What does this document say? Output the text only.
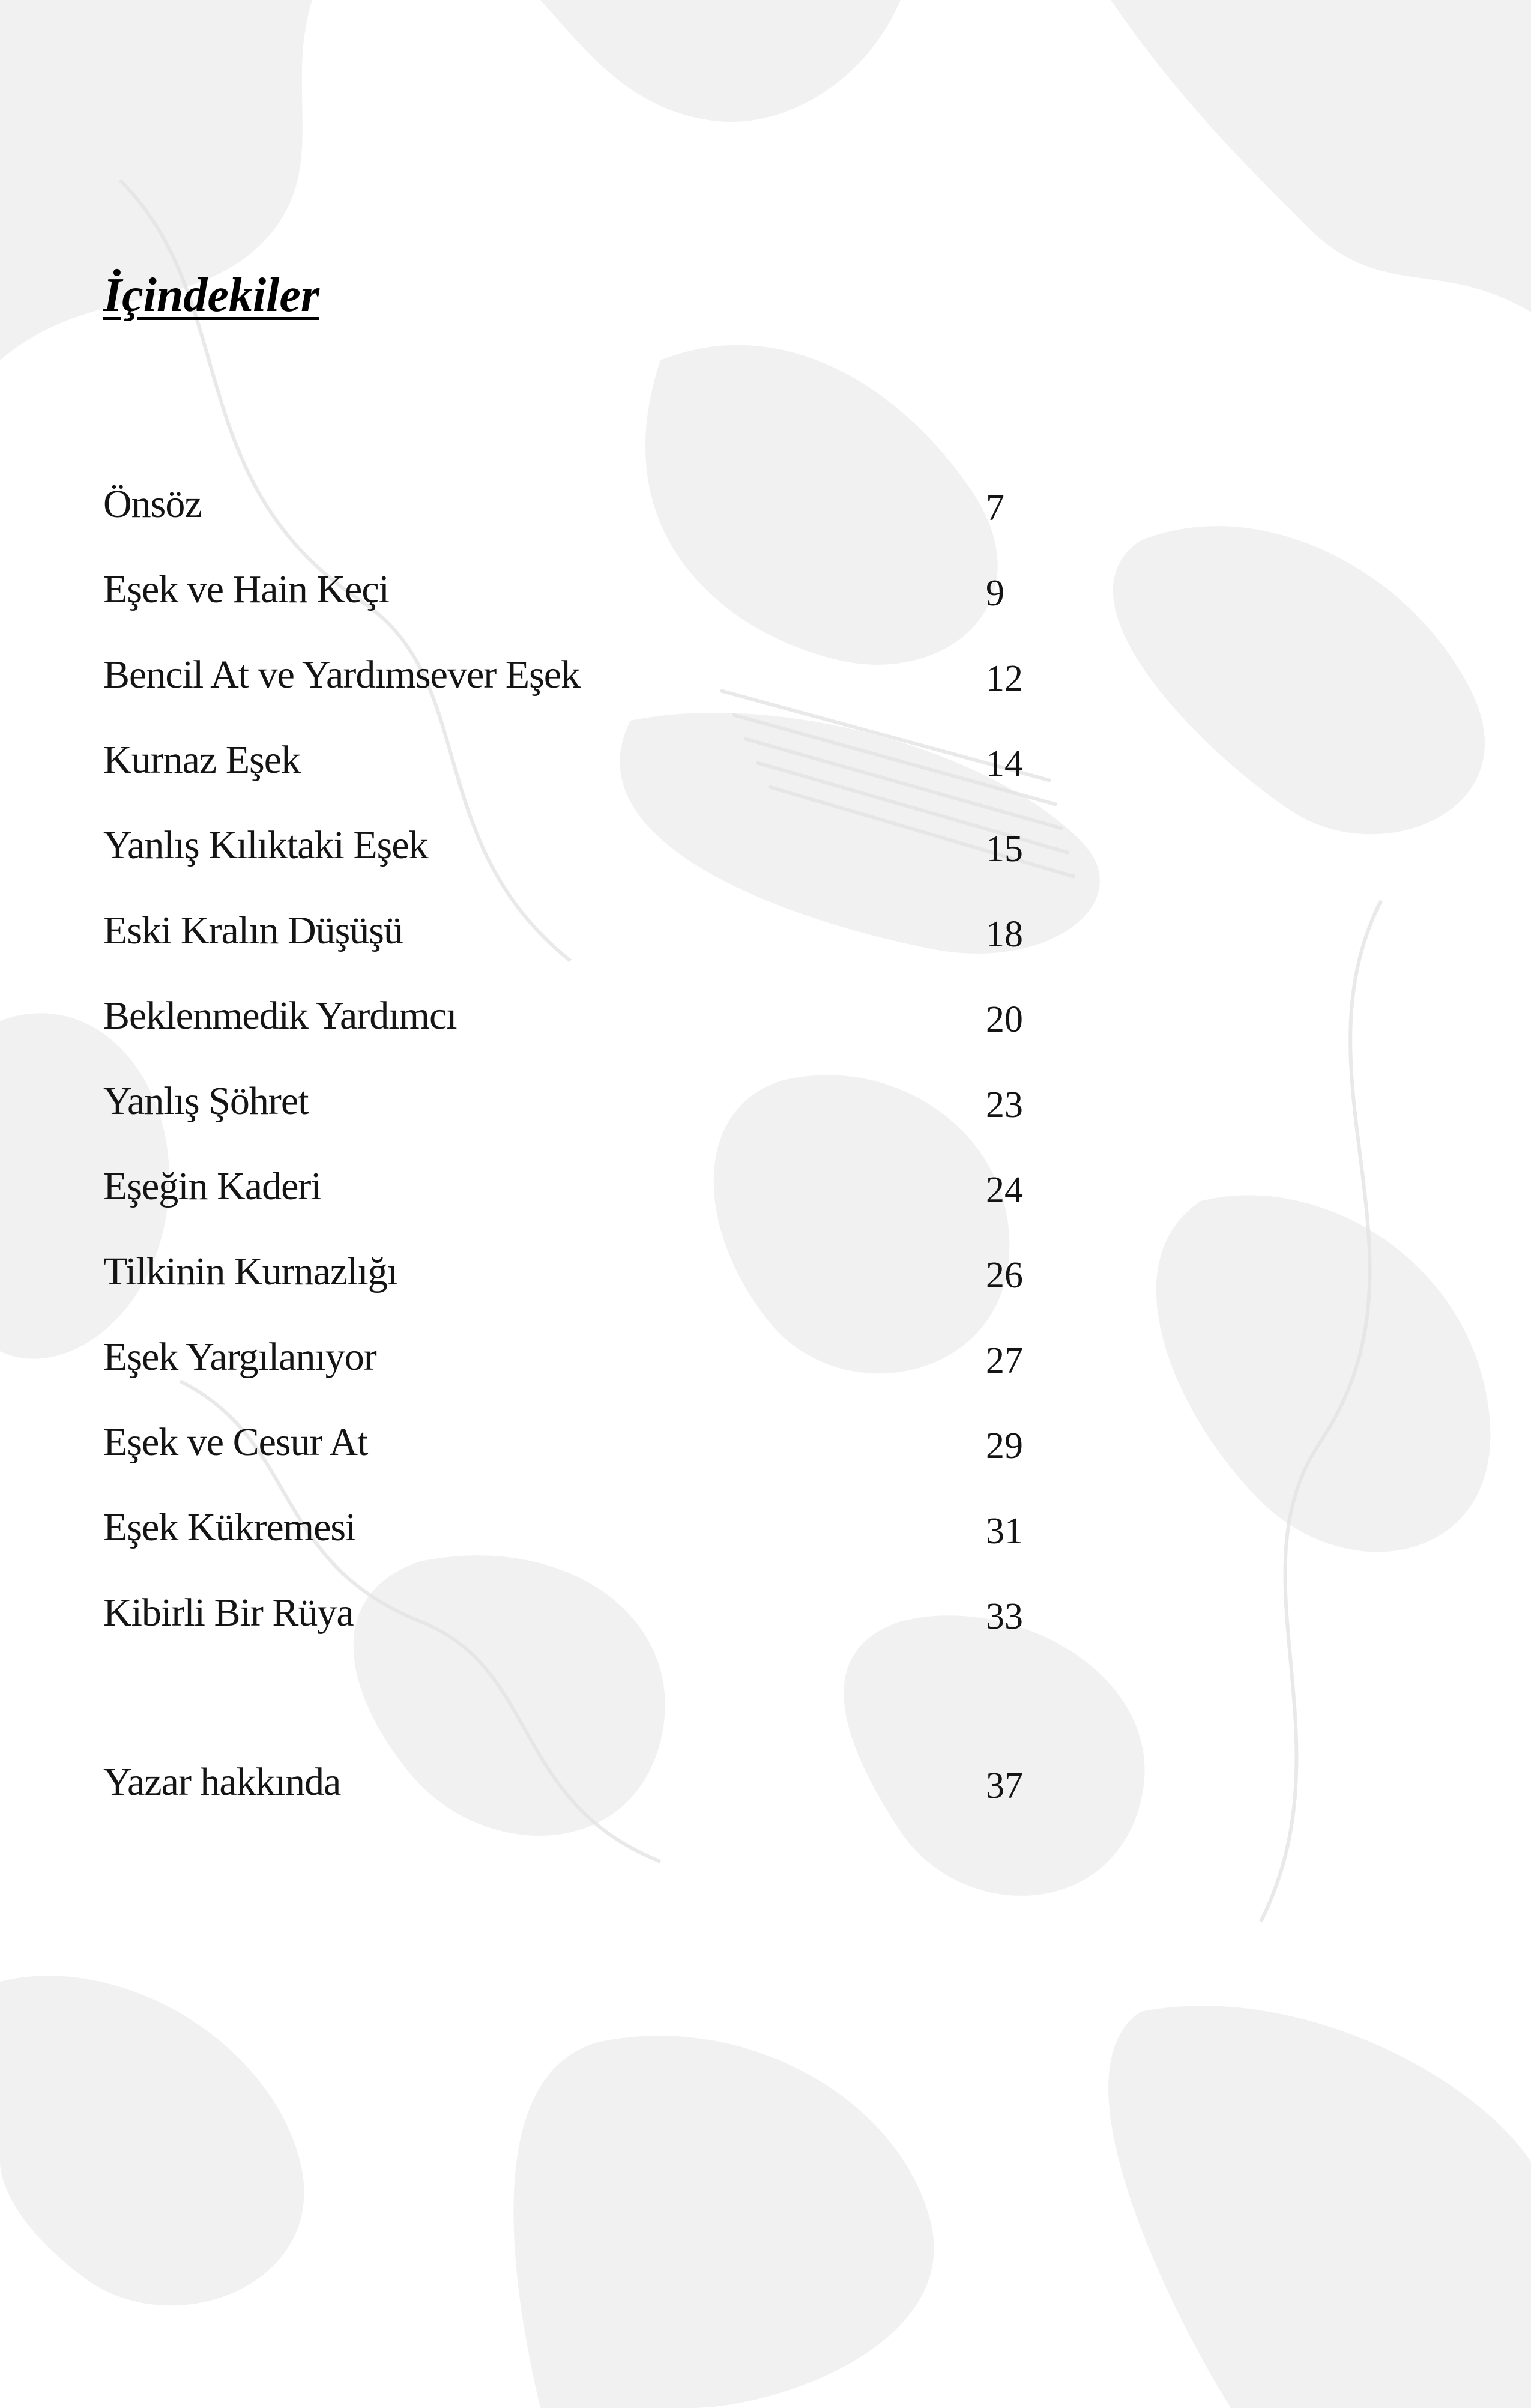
İçindekiler
Önsöz	7
Eşek ve Hain Keçi	9
Bencil At ve Yardımsever Eşek	12
Kurnaz Eşek	14
Yanlış Kılıktaki Eşek	15
Eski Kralın Düşüşü	18
Beklenmedik Yardımcı	20
Yanlış Şöhret	23
Eşeğin Kaderi	24
Tilkinin Kurnazlığı	26
Eşek Yargılanıyor	27
Eşek ve Cesur At	29
Eşek Kükremesi	31
Kibirli Bir Rüya	33
Yazar hakkında	37
